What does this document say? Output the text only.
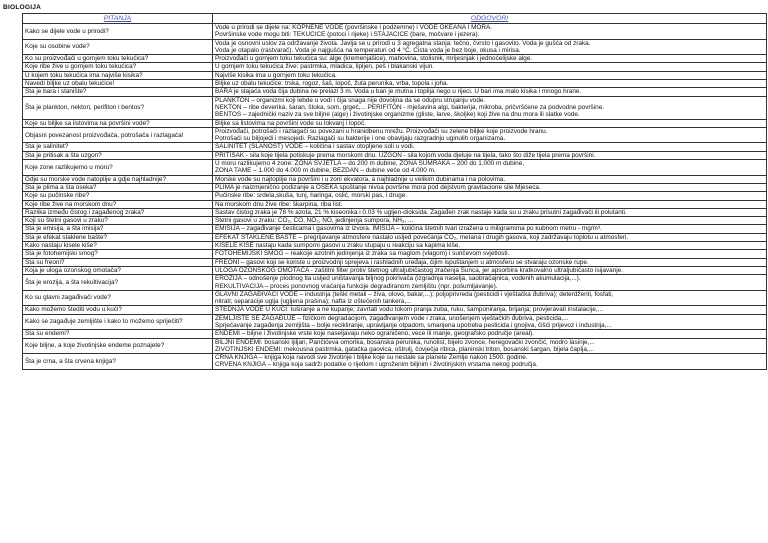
BIOLOGIJA
PITANJA	ODGOVORI
Kako se dijele vode u prirodi?	Vode u prirodi se dijele na: KOPNENE VODE (površinske i podzemne) i VODE OKEANA I MORA.
Površinske vode mogu biti: TEKUĆICE (potoci i rijeke) i STAJAĆICE (bare, močvare i jezera).

Koje su osobine vode?	Voda je osnovni uslov za održavanje života. Javlja se u prirodi u 3 agregatna stanja: tečno, čvrsto i gasovito. Voda je gušća od zraka.
Voda je otapalo (rastvarač). Voda je najgušća na temperaturi od 4 °C. Čista voda je bez boje, okusa i mirisa.

Ko su proizvođači u gornjem toku tekućica?	Proizvođači u gornjem toku tekućica su: alge (kremenjašice), mahovina, stolisnik, mrijesnjak i jednoćelijske alge.

Koje ribe žive u gornjem toku tekućica?	U gornjem toku tekućica žive: pastrmka, mladica, lipljen, peš i blakanski vijun.

U kojem toku tekućica ima najviše kisika?	Najviše kisika ima u gornjem toku tekućica.

Navedi biljke uz obalu tekućice!	Biljke uz obalu tekućice: trska, rogoz, šaš, lopoč, žuta perunika, vrba, topola i joha.

Šta je bara i stanište?	BARA je stajaća voda čija dubina ne prelazi 3 m. Voda u bari je mutna i toplija nego u rijeci. U bari ima malo kisika i mnogo hrane.

Šta je plankton, nekton, perifiton i bentos?	PLANKTON – organizmi koji lebde u vodi i čija snaga nije dovoljna da se odupru strujanju vode.
NEKTON – ribe deverika, šaran, štuka, som, grgeč,... PERIFITON - mješavina algi, bakterija, mikroba, pričvršćene za podvodne površine.
BENTOS – zajednički naziv za sve biljne (alge) i životinjske organizme (gliste, larve, školjke) koji žive na dnu mora ili slatke vode.

Koje su biljke sa listovima na površini vode?	Biljke sa listovima na površini vode su lokvanj i lopoč.

Objasni povezanost proizvođača, potrošača i razlagača!	Proizvođači, potrošači i razlagači su povezani u hranidbenu mrežu. Proizvođači su zelene biljke koje proizvode hranu.
Potrošači su biljojedi i mesojedi. Razlagači su bakterije i one obavljaju razgradnju uginulih organizama.

Šta je salinitet?	SALINITET (SLANOST) VODE – količina i sastav otopljene soli u vodi.

Šta je pritisak a šta uzgon?	PRITISAK - sila koje tijela potiskuje prema morskom dnu. UZGON - sila kojom voda djeluje na tijela, tako što diže tijela prema površini.

Koje zone razlikujemo u moru?	U moru razlikujemo 4 zone: ZONA SVJETLA – do 200 m dubine, ZONA SUMRAKA – 200 do 1.000 m dubine,
ZONA TAME – 1.000 do 4.000 m dubine, BEZDAN – dubine veće od 4.000 m.

Gdje su morske vode natoplije a gdje najhladnije?	Morske vode su najtoplije na površini i u zoni ekvatora, a najhladnije u velikim dubinama i na polovima.

Šta je plima a šta oseka?	PLIMA je naizmjenično podizanje a OSEKA spuštanje nivoa površine mora pod dejstvom gravitacione sile Mjeseca.

Koje su pučinske ribe?	Pučinske ribe: srdela,skuša, tunj, haringa, oslić, morski pas, i druge.

Koje ribe žive na morskom dnu?	Na morskom dnu žive ribe: škarpina, riba list.

Razlika između čistog i zagađenog zraka?	Sastav čistog zraka je 78 % azota, 21 % kiseonika i 0.03 % ugljen-dioksida. Zagađen zrak nastaje kada su u zraku prisutni zagađivači ili polutanti.

Koji su štetni gasovi u zraku?	Štetni gasovi u zraku: CO₂, CO, NO₂, NO, jedinjenja sumpora, NH₃, ...

Šta je emisija, a šta imisija?	EMISIJA – zagađivanje česticama i gasovima iz izvora. IMISIJA – količina štetnih tvari izražena u miligramima po kubnom metru - mg/m³.

Šta je efekat staklene bašte?	EFEKAT STAKLENE BAŠTE – pregrijavanje atmosfere nastalo usljed povećanja CO₂, metana i drugih gasova, koji zadržavaju toplotu u atmosferi.

Kako nastaju kisele kiše?	KISELE KIŠE nastaju kada sumporni gasovi u zraku stupaju u reakciju sa kapima kiše.

Šta je fotohemijski smog?	FOTOHEMIJSKI SMOG – reakcije azotnih jedinjenja iz zraka sa maglom (vlagom) i sunčevom svjetlosti.

Šta su freoni?	FREONI – gasovi koji se koriste u proizvodnji spreјeva i rashladnih uređaja, čijim ispuštanjem u atmosferu se stvaraju ozonske rupe.

Koja je uloga ozonskog omotača?	ULOGA OZONSKOG OMOTAČA - zaštitni filter protiv štetnog ultraljubičastog zračenja Sunca, jer apsorbira kratkovalno ultraljubičasto isijavanje.

Šta je erozija, a šta rekultivacija?	EROZIJA – odnošenje plodnog tla usljed uništavanja biljnog pokrivača (izgradnja naselja, saobraćajnica, vodenih akumulacija,...).
REKULTIVACIJA – proces ponovnog vraćanja funkcije degradiranom zemljištu (npr. pošumljavanje).

Ko su glavni zagađivači vode?	GLAVNI ZAGAĐIVAČI VODE – industrija (teški metali – živa, olovo, bakar,...); poljoprivreda (pesticidi i vještačka đubriva); deterdženti, fosfati,
nitrati; separacije uglja (ugljena prašina); nafta iz oštećenih tankera,...

Kako možemo štediti vodu u kući?	ŠTEDNJA VODE U KUĆI: tuširanje a ne kupanje; zavrtati vodu tokom pranja zuba, ruku, šamponiranja, brijanja; provjeravati instalacije,...

Kako se zagađuje zemljište i kako to možemo spriječiti?	ZEMLJIŠTE SE ZAGAĐUJE – fizičkom degradacijom, zagađivanjem vode i zraka, unošenjem vještačkih đubriva, pesticida,...
Sprječavanje zagađenja zemljišta – bolje recikliranje, upravljanje otpadom, smanjena upotreba pesticida i gnojiva, čišći prijevoz i industrija,...

Šta su endemi?	ENDEMI – biljne i životinjske vrste koje naseljavaju neko ograničeno, vece ili manje, geografsko područje (areal).

Koje biljne, a koje životinjske endeme poznajete?	BILJNI ENDEMI: bosanski ljiljan, Pančićeva omorika, bosanska perunika, runolist, bijelo zvonce, heregovački zvončić, modro lasinje,...
ŽIVOTINJSKI ENDEMI: mekousna pastrmka, gatačka gaovica, oštrulj, čovječja ribica, planinski triton, bosanski šargan, bijela čaplja,...

Šta je crna, a šta crvena knjiga?	CRNA KNJIGA – knjiga koja navodi sve životinje i biljke koje su nestale sa planete Zemlje nakon 1500. godine.
CRVENA KNJIGA – knjiga koja sadrži podatke o rijetkim i ugroženim biljnim i životinjskim vrstama nekog područja.
